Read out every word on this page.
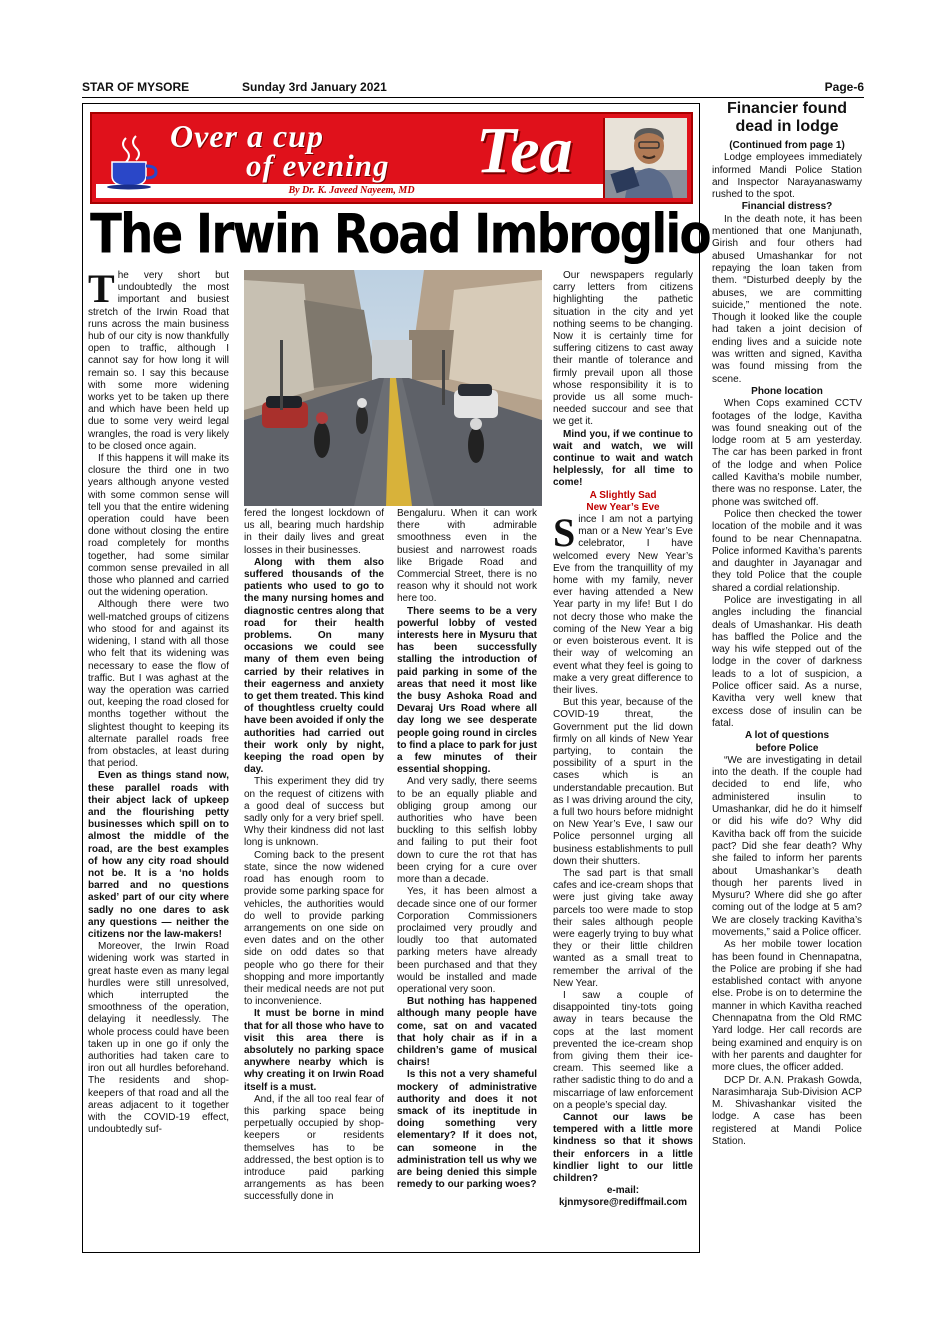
STAR OF MYSORE	Sunday 3rd January 2021	Page-6
Over a cup
of evening Tea
By Dr. K. Javeed Nayeem, MD
The Irwin Road Imbroglio

The very short but undoubtedly the most important and busiest stretch of the Irwin Road that runs across the main business hub of our city is now thankfully open to traffic, although I cannot say for how long it will remain so. I say this because with some more widening works yet to be taken up there and which have been held up due to some very weird legal wrangles, the road is very likely to be closed once again.

If this happens it will make its closure the third one in two years although anyone vested with some common sense will tell you that the entire widening operation could have been done without closing the entire road completely for months together, had some similar common sense prevailed in all those who planned and carried out the widening operation.

Although there were two well-matched groups of citizens who stood for and against its widening, I stand with all those who felt that its widening was necessary to ease the flow of traffic. But I was aghast at the way the operation was carried out, keeping the road closed for months together without the slightest thought to keeping its alternate parallel roads free from obstacles, at least during that period.

Even as things stand now, these parallel roads with their abject lack of upkeep and the flourishing petty businesses which spill on to almost the middle of the road, are the best examples of how any city road should not be. It is a ‘no holds barred and no questions asked’ part of our city where sadly no one dares to ask any questions — neither the citizens nor the law-makers!

Moreover, the Irwin Road widening work was started in great haste even as many legal hurdles were still unresolved, which interrupted the smoothness of the operation, delaying it needlessly. The whole process could have been taken up in one go if only the authorities had taken care to iron out all hurdles beforehand. The residents and shop-keepers of that road and all the areas adjacent to it together with the COVID-19 effect, undoubtedly suf-

fered the longest lockdown of us all, bearing much hardship in their daily lives and great losses in their businesses.

Along with them also suffered thousands of the patients who used to go to the many nursing homes and diagnostic centres along that road for their health problems. On many occasions we could see many of them even being carried by their relatives in their eagerness and anxiety to get them treated. This kind of thoughtless cruelty could have been avoided if only the authorities had carried out their work only by night, keeping the road open by day.

This experiment they did try on the request of citizens with a good deal of success but sadly only for a very brief spell. Why their kindness did not last long is unknown.

Coming back to the present state, since the now widened road has enough room to provide some parking space for vehicles, the authorities would do well to provide parking arrangements on one side on even dates and on the other side on odd dates so that people who go there for their shopping and more importantly their medical needs are not put to inconvenience.

It must be borne in mind that for all those who have to visit this area there is absolutely no parking space anywhere nearby which is why creating it on Irwin Road itself is a must.

And, if the all too real fear of this parking space being perpetually occupied by shop-keepers or residents themselves has to be addressed, the best option is to introduce paid parking arrangements as has been successfully done in

Bengaluru. When it can work there with admirable smoothness even in the busiest and narrowest roads like Brigade Road and Commercial Street, there is no reason why it should not work here too.

There seems to be a very powerful lobby of vested interests here in Mysuru that has been successfully stalling the introduction of paid parking in some of the areas that need it most like the busy Ashoka Road and Devaraj Urs Road where all day long we see desperate people going round in circles to find a place to park for just a few minutes of their essential shopping.

And very sadly, there seems to be an equally pliable and obliging group among our authorities who have been buckling to this selfish lobby and failing to put their foot down to cure the rot that has been crying for a cure over more than a decade.

Yes, it has been almost a decade since one of our former Corporation Commissioners proclaimed very proudly and loudly too that automated parking meters have already been purchased and that they would be installed and made operational very soon.

But nothing has happened although many people have come, sat on and vacated that holy chair as if in a children’s game of musical chairs!

Is this not a very shameful mockery of administrative authority and does it not smack of its ineptitude in doing something very elementary? If it does not, can someone in the administration tell us why we are being denied this simple remedy to our parking woes?

Our newspapers regularly carry letters from citizens highlighting the pathetic situation in the city and yet nothing seems to be changing. Now it is certainly time for suffering citizens to cast away their mantle of tolerance and firmly prevail upon all those whose responsibility it is to provide us all some much-needed succour and see that we get it.

Mind you, if we continue to wait and watch, we will continue to wait and watch helplessly, for all time to come!

A Slightly Sad

New Year’s Eve

Since I am not a partying man or a New Year’s Eve celebrator, I have welcomed every New Year’s Eve from the tranquillity of my home with my family, never ever having attended a New Year party in my life! But I do not decry those who make the coming of the New Year a big or even boisterous event. It is their way of welcoming an event what they feel is going to make a very great difference to their lives.

But this year, because of the COVID-19 threat, the Government put the lid down firmly on all kinds of New Year partying, to contain the possibility of a spurt in the cases which is an understandable precaution. But as I was driving around the city, a full two hours before midnight on New Year’s Eve, I saw our Police personnel urging all business establishments to pull down their shutters.

The sad part is that small cafes and ice-cream shops that were just giving take away parcels too were made to stop their sales although people were eagerly trying to buy what they or their little children wanted as a small treat to remember the arrival of the New Year.

I saw a couple of disappointed tiny-tots going away in tears because the cops at the last moment prevented the ice-cream shop from giving them their ice-cream. This seemed like a rather sadistic thing to do and a miscarriage of law enforcement on a people’s special day.

Cannot our laws be tempered with a little more kindness so that it shows their enforcers in a little kindlier light to our little children?

e-mail:

kjnmysore@rediffmail.com

Financier found dead in lodge

(Continued from page 1)

Lodge employees immediately informed Mandi Police Station and Inspector Narayanaswamy rushed to the spot.

Financial distress?

In the death note, it has been mentioned that one Manjunath, Girish and four others had abused Umashankar for not repaying the loan taken from them. “Disturbed deeply by the abuses, we are committing suicide,” mentioned the note. Though it looked like the couple had taken a joint decision of ending lives and a suicide note was written and signed, Kavitha was found missing from the scene.

Phone location

When Cops examined CCTV footages of the lodge, Kavitha was found sneaking out of the lodge room at 5 am yesterday. The car has been parked in front of the lodge and when Police called Kavitha’s mobile number, there was no response. Later, the phone was switched off.

Police then checked the tower location of the mobile and it was found to be near Chennapatna. Police informed Kavitha’s parents and daughter in Jayanagar and they told Police that the couple shared a cordial relationship.

Police are investigating in all angles including the financial deals of Umashankar. His death has baffled the Police and the way his wife stepped out of the lodge in the cover of darkness leads to a lot of suspicion, a Police officer said. As a nurse, Kavitha very well knew that excess dose of insulin can be fatal.

A lot of questions

before Police

“We are investigating in detail into the death. If the couple had decided to end life, who administered insulin to Umashankar, did he do it himself or did his wife do? Why did Kavitha back off from the suicide pact? Did she fear death? Why she failed to inform her parents about Umashankar’s death though her parents lived in Mysuru? Where did she go after coming out of the lodge at 5 am? We are closely tracking Kavitha’s movements,” said a Police officer.

As her mobile tower location has been found in Chennapatna, the Police are probing if she had established contact with anyone else. Probe is on to determine the manner in which Kavitha reached Chennapatna from the Old RMC Yard lodge. Her call records are being examined and enquiry is on with her parents and daughter for more clues, the officer added.

DCP Dr. A.N. Prakash Gowda, Narasimharaja Sub-Division ACP M. Shivashankar visited the lodge. A case has been registered at Mandi Police Station.
